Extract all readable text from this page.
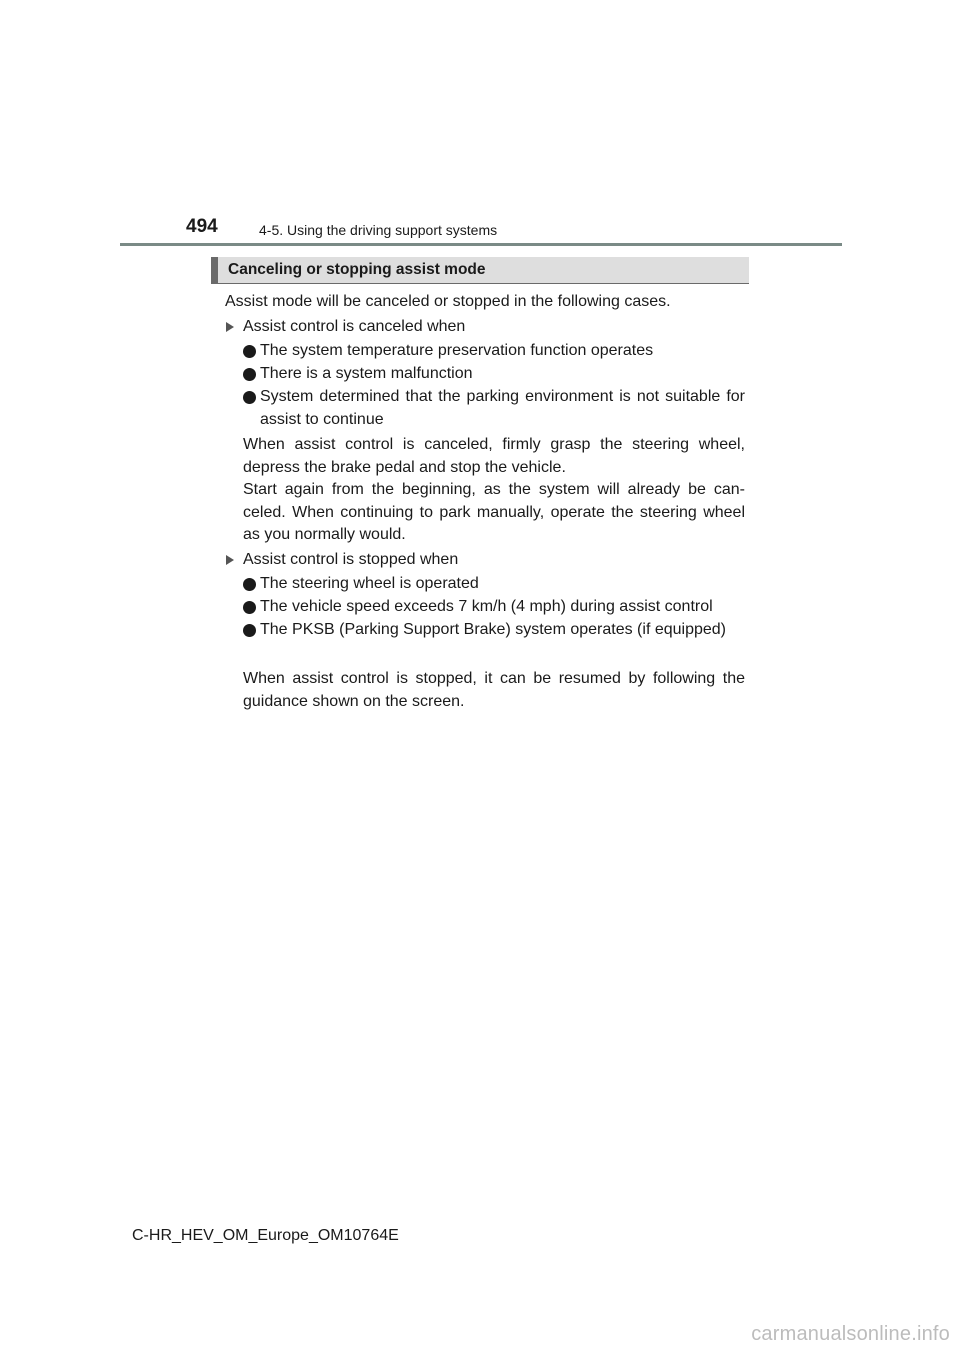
494	4-5. Using the driving support systems
Canceling or stopping assist mode
Assist mode will be canceled or stopped in the following cases.
Assist control is canceled when
The system temperature preservation function operates
There is a system malfunction
System determined that the parking environment is not suitable for assist to continue
When assist control is canceled, firmly grasp the steering wheel, depress the brake pedal and stop the vehicle.
Start again from the beginning, as the system will already be can-celed. When continuing to park manually, operate the steering wheel as you normally would.
Assist control is stopped when
The steering wheel is operated
The vehicle speed exceeds 7 km/h (4 mph) during assist control
The PKSB (Parking Support Brake) system operates (if equipped)
When assist control is stopped, it can be resumed by following the guidance shown on the screen.
C-HR_HEV_OM_Europe_OM10764E
carmanualsonline.info
